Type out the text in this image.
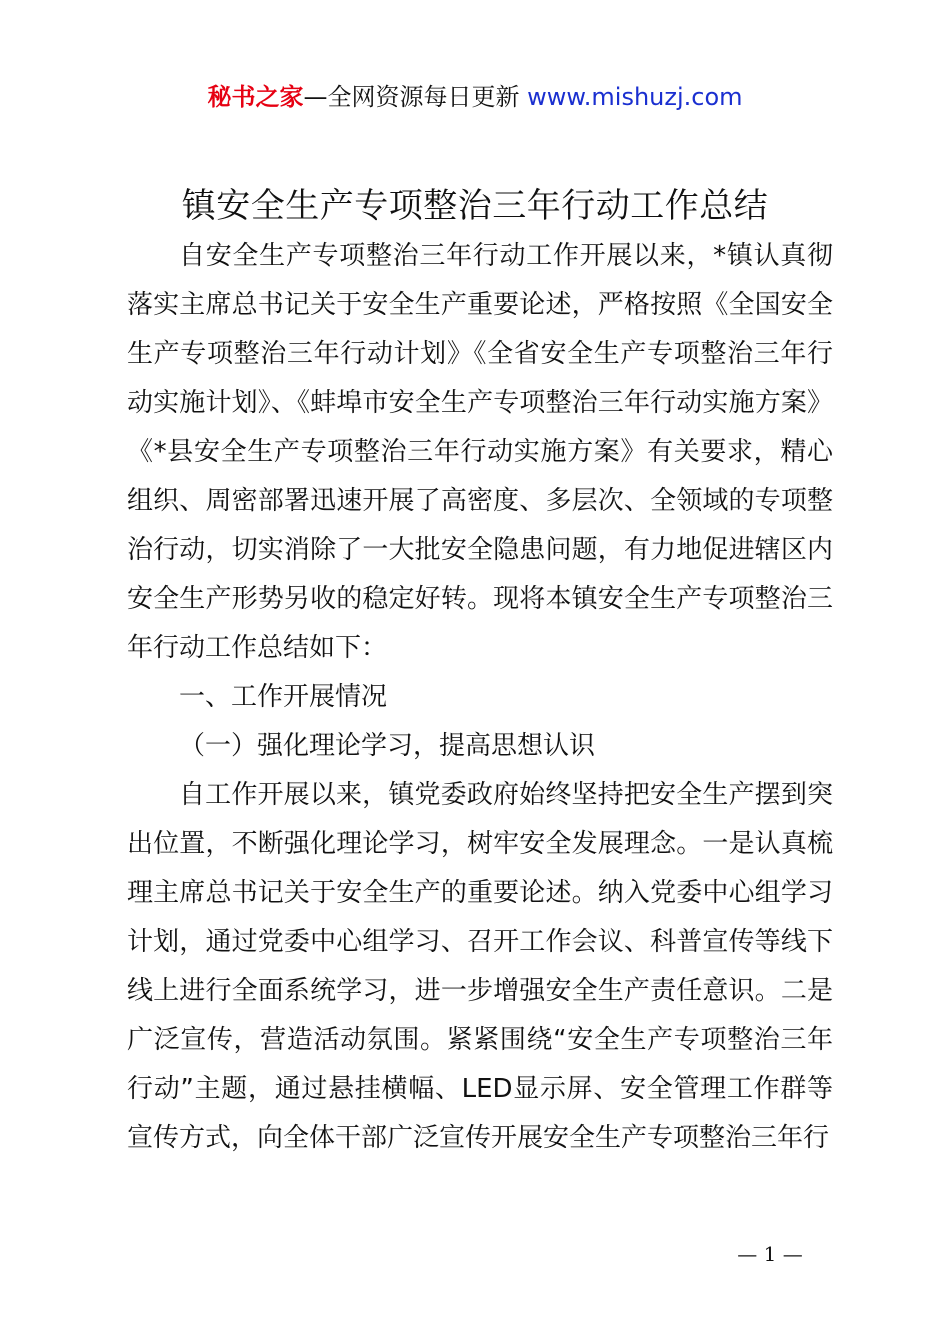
秘书之家—全网资源每日更新 www.mishuzj.com
镇安全生产专项整治三年行动工作总结

自安全生产专项整治三年行动工作开展以来，*镇认真彻落实主席总书记关于安全生产重要论述，严格按照《全国安全生产专项整治三年行动计划》《全省安全生产专项整治三年行动实施计划》、《蚌埠市安全生产专项整治三年行动实施方案》《*县安全生产专项整治三年行动实施方案》有关要求，精心组织、周密部署迅速开展了高密度、多层次、全领域的专项整治行动，切实消除了一大批安全隐患问题，有力地促进辖区内安全生产形势另收的稳定好转。现将本镇安全生产专项整治三年行动工作总结如下：

一、工作开展情况

（一）强化理论学习，提高思想认识

自工作开展以来，镇党委政府始终坚持把安全生产摆到突出位置，不断强化理论学习，树牢安全发展理念。一是认真梳理主席总书记关于安全生产的重要论述。纳入党委中心组学习计划，通过党委中心组学习、召开工作会议、科普宣传等线下线上进行全面系统学习，进一步增强安全生产责任意识。二是广泛宣传，营造活动氛围。紧紧围绕“安全生产专项整治三年行动”主题，通过悬挂横幅、LED显示屏、安全管理工作群等宣传方式，向全体干部广泛宣传开展安全生产专项整治三年行

— 1 —
